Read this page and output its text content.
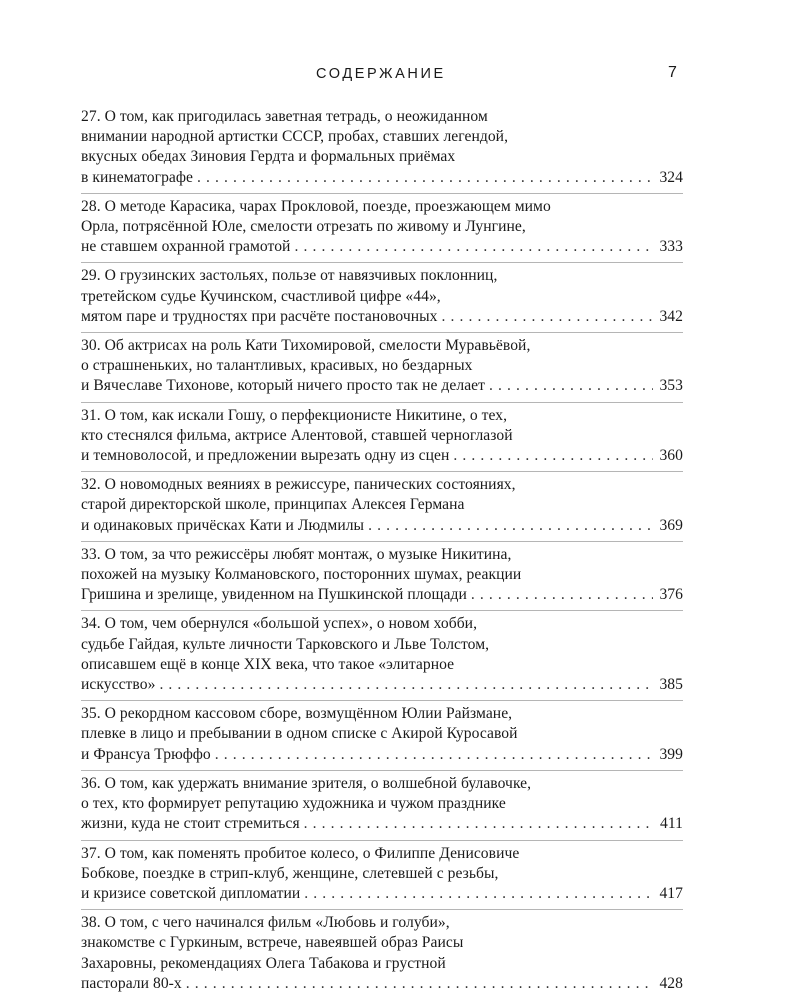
СОДЕРЖАНИЕ	7
27. О том, как пригодилась заветная тетрадь, о неожиданном
внимании народной артистки СССР, пробах, ставших легендой,
вкусных обедах Зиновия Гердта и формальных приёмах
в кинематографе . . .	324
28. О методе Карасика, чарах Прокловой, поезде, проезжающем мимо
Орла, потрясённой Юле, смелости отрезать по живому и Лунгине,
не ставшем охранной грамотой . . .	333
29. О грузинских застольях, пользе от навязчивых поклонниц,
третейском судье Кучинском, счастливой цифре «44»,
мятом паре и трудностях при расчёте постановочных . . .	342
30. Об актрисах на роль Кати Тихомировой, смелости Муравьёвой,
о страшненьких, но талантливых, красивых, но бездарных
и Вячеславе Тихонове, который ничего просто так не делает . . .	353
31. О том, как искали Гошу, о перфекционисте Никитине, о тех,
кто стеснялся фильма, актрисе Алентовой, ставшей черноглазой
и темноволосой, и предложении вырезать одну из сцен . . .	360
32. О новомодных веяниях в режиссуре, панических состояниях,
старой директорской школе, принципах Алексея Германа
и одинаковых причёсках Кати и Людмилы . . .	369
33. О том, за что режиссёры любят монтаж, о музыке Никитина,
похожей на музыку Колмановского, посторонних шумах, реакции
Гришина и зрелище, увиденном на Пушкинской площади . . .	376
34. О том, чем обернулся «большой успех», о новом хобби,
судьбе Гайдая, культе личности Тарковского и Льве Толстом,
описавшем ещё в конце XIX века, что такое «элитарное
искусство» . . .	385
35. О рекордном кассовом сборе, возмущённом Юлии Райзмане,
плевке в лицо и пребывании в одном списке с Акирой Куросавой
и Франсуа Трюффо . . .	399
36. О том, как удержать внимание зрителя, о волшебной булавочке,
о тех, кто формирует репутацию художника и чужом празднике
жизни, куда не стоит стремиться . . .	411
37. О том, как поменять пробитое колесо, о Филиппе Денисовиче
Бобкове, поездке в стрип-клуб, женщине, слетевшей с резьбы,
и кризисе советской дипломатии . . .	417
38. О том, с чего начинался фильм «Любовь и голуби»,
знакомстве с Гуркиным, встрече, навеявшей образ Раисы
Захаровны, рекомендациях Олега Табакова и грустной
пасторали 80-х . . .	428
